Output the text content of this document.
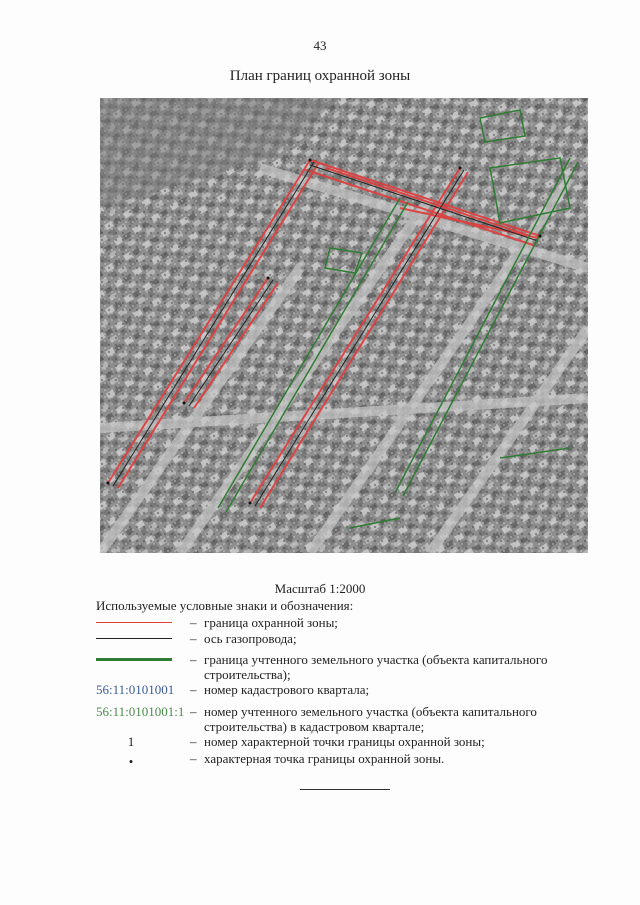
43
План границ охранной зоны
Масштаб 1:2000
Используемые условные знаки и обозначения:
– граница охранной зоны;
– ось газопровода;
– граница учтенного земельного участка (объекта капитального строительства);
56:11:0101001 – номер кадастрового квартала;
56:11:0101001:1 – номер учтенного земельного участка (объекта капитального строительства) в кадастровом квартале;
1	– номер характерной точки границы охранной зоны;
•	– характерная точка границы охранной зоны.
